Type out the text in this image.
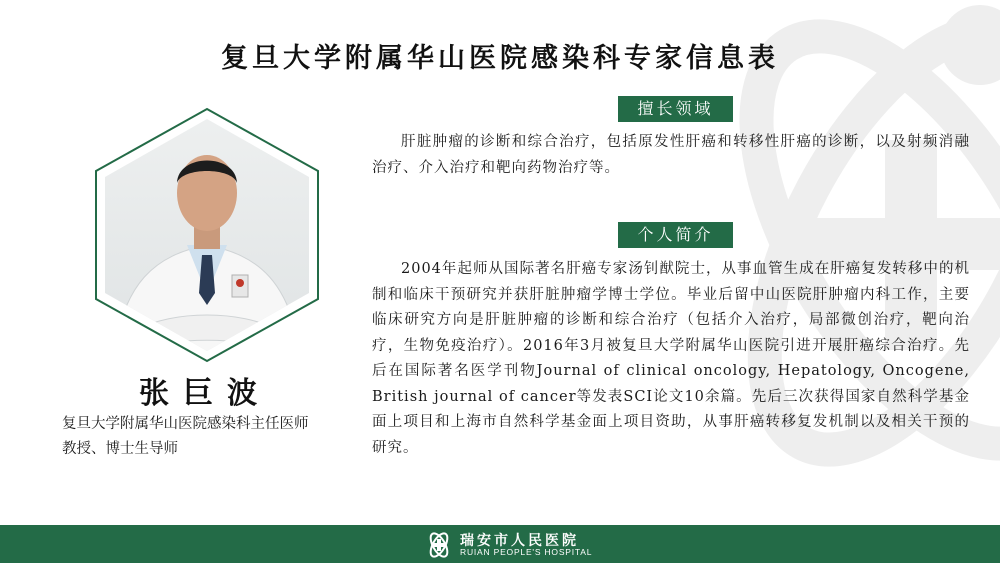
复旦大学附属华山医院感染科专家信息表
张巨波
复旦大学附属华山医院感染科主任医师
教授、博士生导师
擅长领域
肝脏肿瘤的诊断和综合治疗，包括原发性肝癌和转移性肝癌的诊断，以及射频消融治疗、介入治疗和靶向药物治疗等。
个人简介
2004年起师从国际著名肝癌专家汤钊猷院士，从事血管生成在肝癌复发转移中的机制和临床干预研究并获肝脏肿瘤学博士学位。毕业后留中山医院肝肿瘤内科工作，主要临床研究方向是肝脏肿瘤的诊断和综合治疗（包括介入治疗，局部微创治疗，靶向治疗，生物免疫治疗）。2016年3月被复旦大学附属华山医院引进开展肝癌综合治疗。先后在国际著名医学刊物Journal of clinical oncology, Hepatology, Oncogene, British journal of cancer等发表SCI论文10余篇。先后三次获得国家自然科学基金面上项目和上海市自然科学基金面上项目资助，从事肝癌转移复发机制以及相关干预的研究。
瑞安市人民医院
RUIAN PEOPLE'S HOSPITAL
